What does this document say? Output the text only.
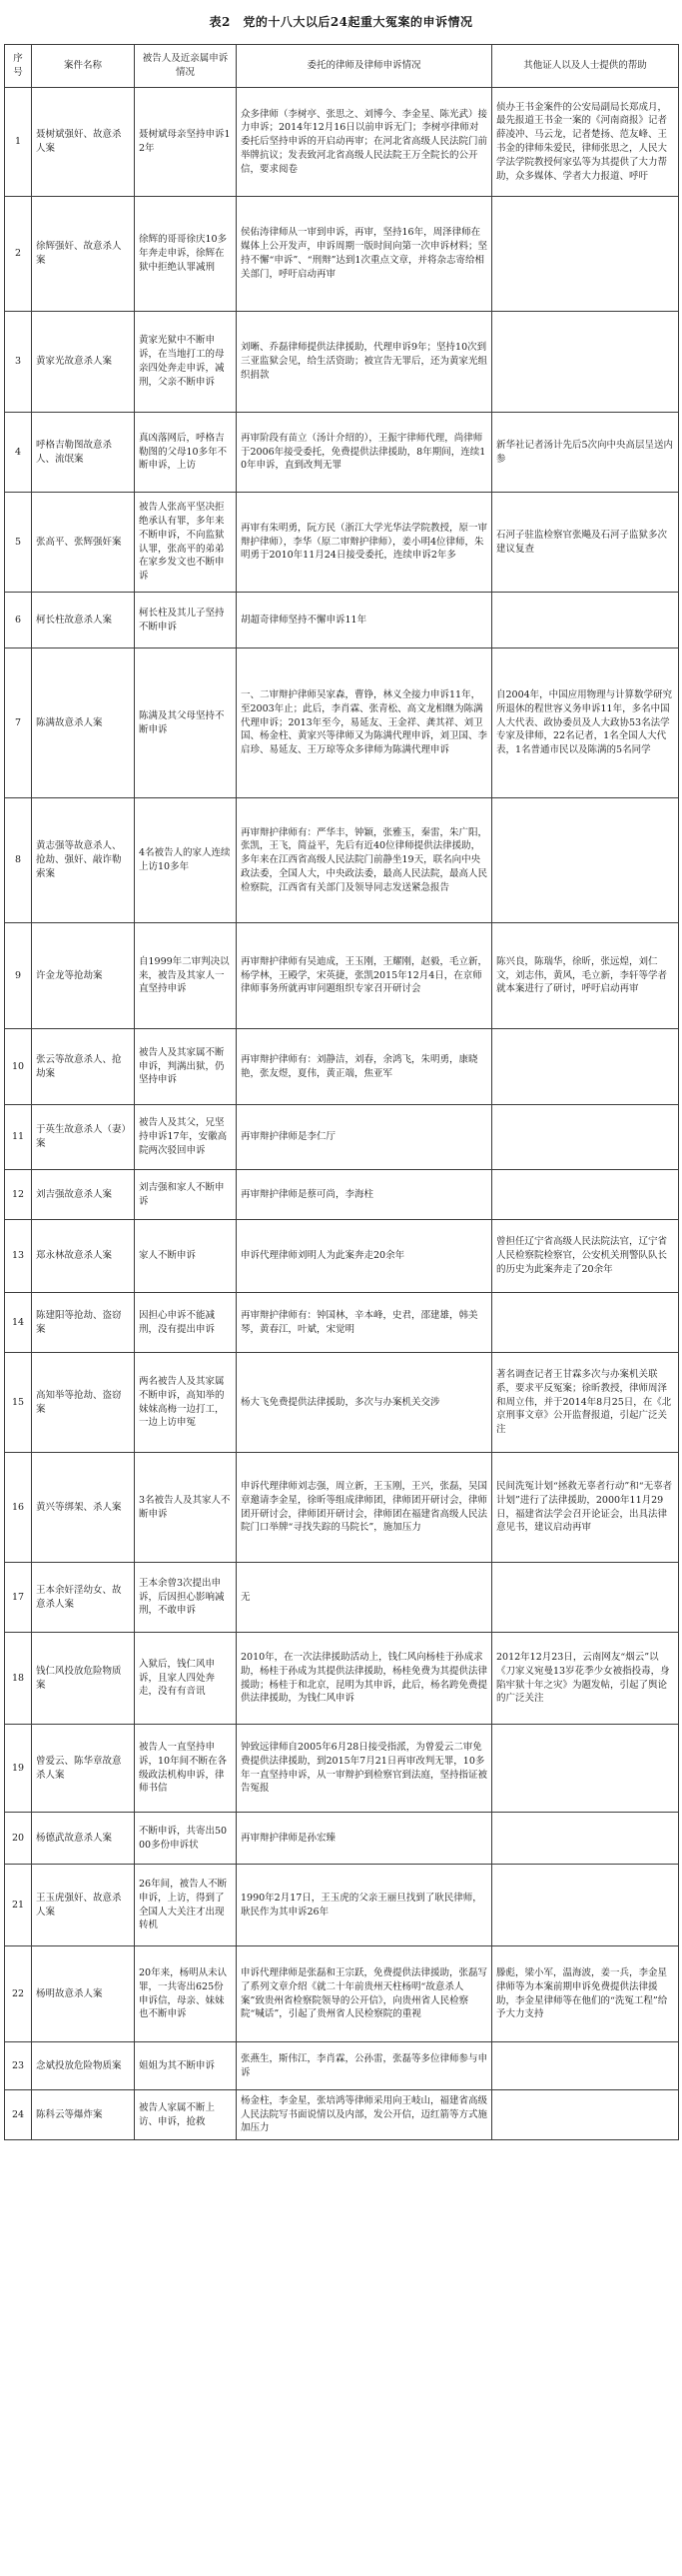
表2　党的十八大以后24起重大冤案的申诉情况
序号	案件名称	被告人及近亲属申诉情况	委托的律师及律师申诉情况	其他证人以及人士提供的帮助
1	聂树斌强奸、故意杀人案	聂树斌母亲坚持申诉12年	众多律师（李树亭、张思之、刘博今、李金星、陈光武）接力申诉；2014年12月16日以前申诉无门；李树亭律师对委托后坚持申诉的开启动再审；在河北省高级人民法院门前举牌抗议；发表致河北省高级人民法院王万全院长的公开信，要求阅卷	侦办王书金案件的公安局副局长郑成月，最先报道王书金一案的《河南商报》记者薛凌冲、马云龙，记者楚扬、范友峰、王书金的律师朱爱民，律师张思之，人民大学法学院教授何家弘等为其提供了大力帮助，众多媒体、学者大力报道、呼吁
2	徐辉强奸、故意杀人案	徐辉的哥哥徐庆10多年奔走申诉，徐辉在狱中拒绝认罪减刑	侯佑涛律师从一审到申诉，再审，坚持16年，周泽律师在媒体上公开发声，申诉周期一版时间向第一次申诉材料；坚持不懈“申诉”、“刑辩”达到1次重点文章，并将杂志寄给相关部门，呼吁启动再审	
3	黄家光故意杀人案	黄家光狱中不断申诉，在当地打工的母亲四处奔走申诉，减刑，父亲不断申诉	刘晰、乔磊律师提供法律援助，代理申诉9年；坚持10次到三亚监狱会见，给生活资助；被宣告无罪后，还为黄家光组织捐款	
4	呼格吉勒图故意杀人、流氓案	真凶落网后，呼格吉勒图的父母10多年不断申诉，上访	再审阶段有苗立（汤计介绍的），王振宇律师代理，尚律师于2006年接受委托，免费提供法律援助，8年期间，连续10年申诉，直到改判无罪	新华社记者汤计先后5次向中央高层呈送内参
5	张高平、张辉强奸案	被告人张高平坚决拒绝承认有罪，多年来不断申诉，不向监狱认罪，张高平的弟弟在家乡发文也不断申诉	再审有朱明勇，阮方民（浙江大学光华法学院教授，原一审辩护律师），李华（原二审辩护律师），姜小明4位律师，朱明勇于2010年11月24日接受委托，连续申诉2年多	石河子驻监检察官张飚及石河子监狱多次建议复查
6	柯长柱故意杀人案	柯长柱及其儿子坚持不断申诉	胡超奇律师坚持不懈申诉11年	
7	陈满故意杀人案	陈满及其父母坚持不断申诉	一、二审辩护律师吴家森，曹铮，林义全接力申诉11年，至2003年止；此后，李肖霖、张青松、高文龙相继为陈满代理申诉；2013年至今，易延友、王金祥、龚其祥、刘卫国、杨金柱、黄家兴等律师又为陈满代理申诉，刘卫国、李启珍、易延友、王万琼等众多律师为陈满代理申诉	自2004年，中国应用物理与计算数学研究所退休的程世容义务申诉11年，多名中国人大代表、政协委员及人大政协53名法学专家及律师，22名记者，1名全国人大代表，1名普通市民以及陈满的5名同学
8	黄志强等故意杀人、抢劫、强奸、敲诈勒索案	4名被告人的家人连续上访10多年	再审辩护律师有：严华丰，钟颖，张雅玉，秦雷，朱广阳，张凯，王飞，简益平，先后有近40位律师提供法律援助，多年来在江西省高级人民法院门前静坐19天，联名向中央政法委，全国人大，中央政法委，最高人民法院，最高人民检察院，江西省有关部门及领导同志发送紧急报告	
9	许金龙等抢劫案	自1999年二审判决以来，被告及其家人一直坚持申诉	再审辩护律师有吴迪成，王玉刚，王耀刚，赵毅，毛立新，杨学林，王殿学，宋英捷，张凯2015年12月4日，在京师律师事务所就再审问题组织专家召开研讨会	陈兴良，陈瑞华，徐昕，张远煌，刘仁文，刘志伟，黄风，毛立新，李轩等学者就本案进行了研讨，呼吁启动再审
10	张云等故意杀人、抢劫案	被告人及其家属不断申诉，判满出狱，仍坚持申诉	再审辩护律师有：刘静洁，刘春，余鸿飞，朱明勇，康晓艳，张友煜，夏伟，黄正端，焦亚军	
11	于英生故意杀人（妻）案	被告人及其父，兄坚持申诉17年，安徽高院两次驳回申诉	再审辩护律师是李仁厅	
12	刘吉强故意杀人案	刘吉强和家人不断申诉	再审辩护律师是蔡可尚，李海柱	
13	郑永林故意杀人案	家人不断申诉	申诉代理律师刘明人为此案奔走20余年	曾担任辽宁省高级人民法院法官，辽宁省人民检察院检察官，公安机关刑警队队长的历史为此案奔走了20余年
14	陈建阳等抢劫、盗窃案	因担心申诉不能减刑，没有提出申诉	再审辩护律师有：钟国林，辛本峰，史君，邵建雄，韩美琴，黄春江，叶斌，宋觉明	
15	高知举等抢劫、盗窃案	两名被告人及其家属不断申诉，高知举的妹妹高梅一边打工，一边上访申冤	杨大飞免费提供法律援助，多次与办案机关交涉	著名调查记者王甘霖多次与办案机关联系，要求平反冤案；徐昕教授，律师周泽和周立伟，并于2014年8月25日，在《北京刑事文章》公开监督报道，引起广泛关注
16	黄兴等绑架、杀人案	3名被告人及其家人不断申诉	申诉代理律师刘志强，周立新，王玉刚，王兴，张磊，吴国章邀请李金星，徐昕等组成律师团，律师团开研讨会，律师团开研讨会，律师团开研讨会，律师团在福建省高级人民法院门口举牌“寻找失踪的马院长”，施加压力	民间洗冤计划“拯救无辜者行动”和“无辜者计划”进行了法律援助，2000年11月29日，福建省法学会召开论证会，出具法律意见书，建议启动再审
17	王本余奸淫幼女、故意杀人案	王本余曾3次提出申诉，后因担心影响减刑，不敢申诉	无	
18	钱仁风投放危险物质案	入狱后，钱仁风申诉，且家人四处奔走，没有有音讯	2010年，在一次法律援助活动上，钱仁风向杨桂于孙成求助，杨桂于孙成为其提供法律援助，杨桂免费为其提供法律援助；杨桂于和北京，昆明为其申诉，此后，杨名跨免费提供法律援助，为钱仁风申诉	2012年12月23日，云南网友“烟云”以《刀家义宛曼13岁花季少女被指投毒，身陷牢狱十年之灾》为题发帖，引起了舆论的广泛关注
19	曾爱云、陈华章故意杀人案	被告人一直坚持申诉，10年间不断在各级政法机构申诉，律师书信	钟致远律师自2005年6月28日接受指派，为曾爱云二审免费提供法律援助，到2015年7月21日再审改判无罪，10多年一直坚持申诉，从一审辩护到检察官到法庭，坚持指证被告冤报	
20	杨德武故意杀人案	不断申诉，共寄出5000多份申诉状	再审辩护律师是孙宏臻	
21	王玉虎强奸、故意杀人案	26年间，被告人不断申诉，上访，得到了全国人大关注才出现转机	1990年2月17日，王玉虎的父亲王丽旦找到了耿民律师，耿民作为其申诉26年	
22	杨明故意杀人案	20年来，杨明从未认罪，一共寄出625份申诉信，母亲、妹妹也不断申诉	申诉代理律师是张磊和王宗跃，免费提供法律援助，张磊写了系列文章介绍《就二十年前贵州天柱杨明“故意杀人案”致贵州省检察院领导的公开信》，向贵州省人民检察院“喊话”，引起了贵州省人民检察院的重视	滕彪，梁小军，温海波，姜一兵，李金星律师等为本案前期申诉免费提供法律援助，李金星律师等在他们的“洗冤工程”给予大力支持
23	念斌投放危险物质案	姐姐为其不断申诉	张燕生，斯伟江，李肖霖，公孙雷，张磊等多位律师参与申诉	
24	陈科云等爆炸案	被告人家属不断上访、申诉，抢救	杨金柱，李金星，张培鸿等律师采用向王岐山，福建省高级人民法院写书面说情以及内部，发公开信，迈红箭等方式施加压力	
